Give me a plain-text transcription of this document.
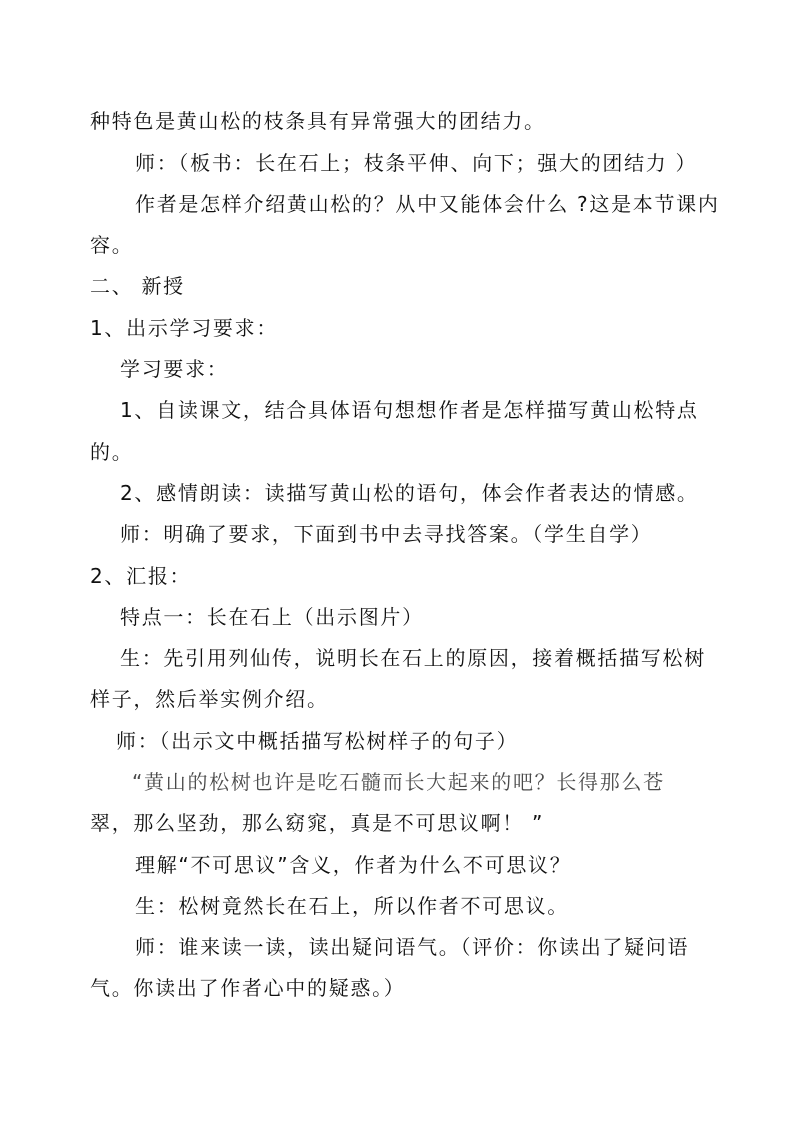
种特色是黄山松的枝条具有异常强大的团结力。
师：（板书：长在石上；枝条平伸、向下；强大的团结力 ）
作者是怎样介绍黄山松的？从中又能体会什么 ?这是本节课内
容。
二、 新授
1、出示学习要求：
学习要求：
1、自读课文，结合具体语句想想作者是怎样描写黄山松特点
的。
2、感情朗读：读描写黄山松的语句，体会作者表达的情感。
师：明确了要求，下面到书中去寻找答案。（学生自学）
2、汇报：
特点一：长在石上（出示图片）
生：先引用列仙传，说明长在石上的原因，接着概括描写松树
样子，然后举实例介绍。
师：（出示文中概括描写松树样子的句子）
“黄山的松树也许是吃石髓而长大起来的吧？长得那么苍
翠，那么坚劲，那么窈窕，真是不可思议啊！ ”
理解“不可思议”含义，作者为什么不可思议？
生：松树竟然长在石上，所以作者不可思议。
师：谁来读一读，读出疑问语气。（评价：你读出了疑问语
气。你读出了作者心中的疑惑。）
